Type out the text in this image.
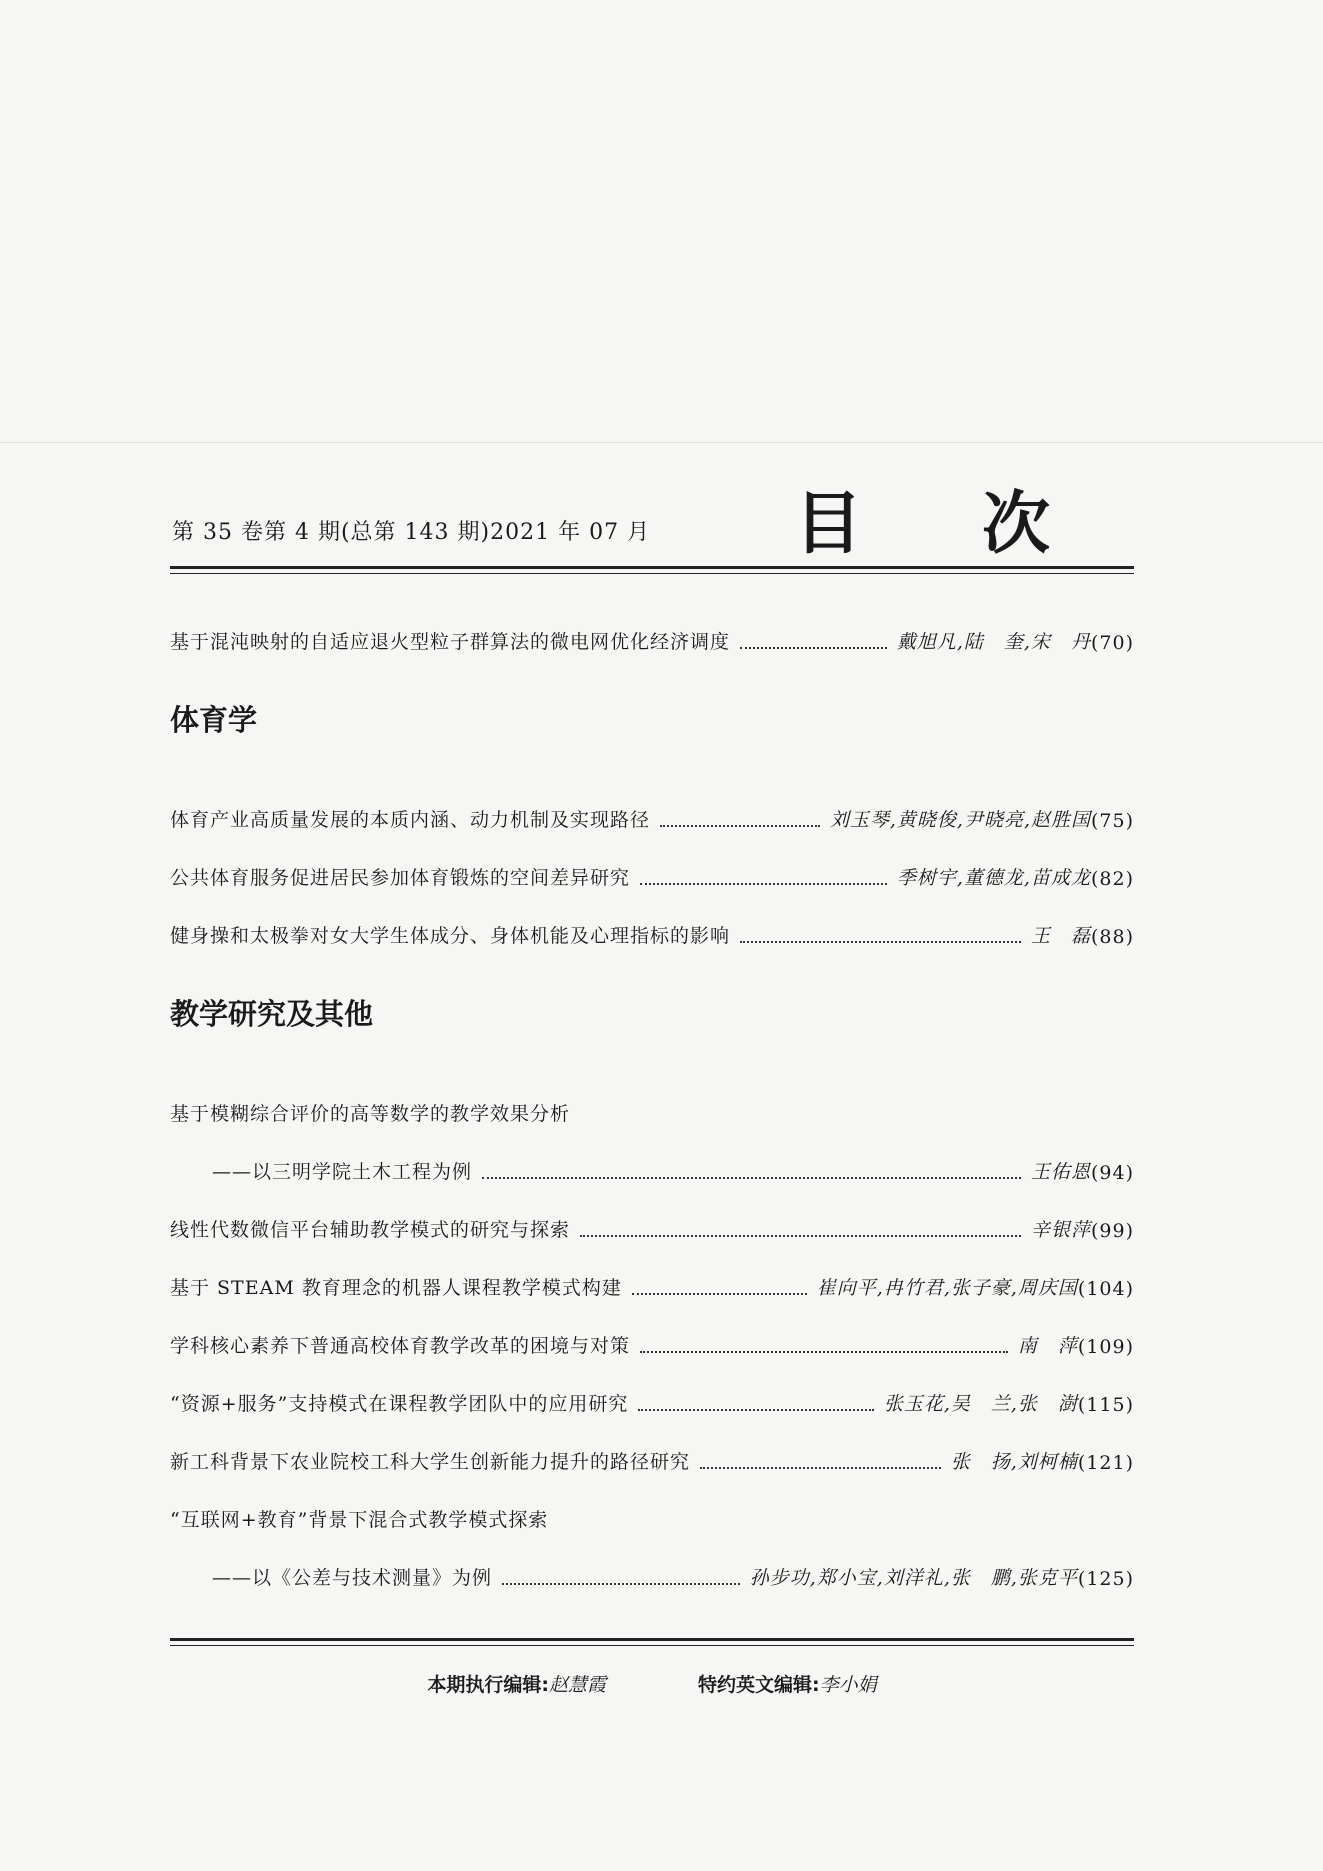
第 35 卷第 4 期(总第 143 期)2021 年 07 月 目 次
基于混沌映射的自适应退火型粒子群算法的微电网优化经济调度	戴旭凡,陆　奎,宋　丹 (70)
体育学
体育产业高质量发展的本质内涵、动力机制及实现路径	刘玉琴,黄晓俊,尹晓亮,赵胜国 (75)
公共体育服务促进居民参加体育锻炼的空间差异研究	季树宇,董德龙,苗成龙 (82)
健身操和太极拳对女大学生体成分、身体机能及心理指标的影响	王　磊 (88)
教学研究及其他
基于模糊综合评价的高等数学的教学效果分析
——以三明学院土木工程为例	王佑恩 (94)
线性代数微信平台辅助教学模式的研究与探索	辛银萍 (99)
基于 STEAM 教育理念的机器人课程教学模式构建	崔向平,冉竹君,张子豪,周庆国 (104)
学科核心素养下普通高校体育教学改革的困境与对策	南　萍 (109)
“资源+服务”支持模式在课程教学团队中的应用研究	张玉花,吴　兰,张　澍 (115)
新工科背景下农业院校工科大学生创新能力提升的路径研究	张　扬,刘柯楠 (121)
“互联网+教育”背景下混合式教学模式探索
——以《公差与技术测量》为例	孙步功,郑小宝,刘洋礼,张　鹏,张克平 (125)
本期执行编辑:赵慧霞	特约英文编辑:李小娟
